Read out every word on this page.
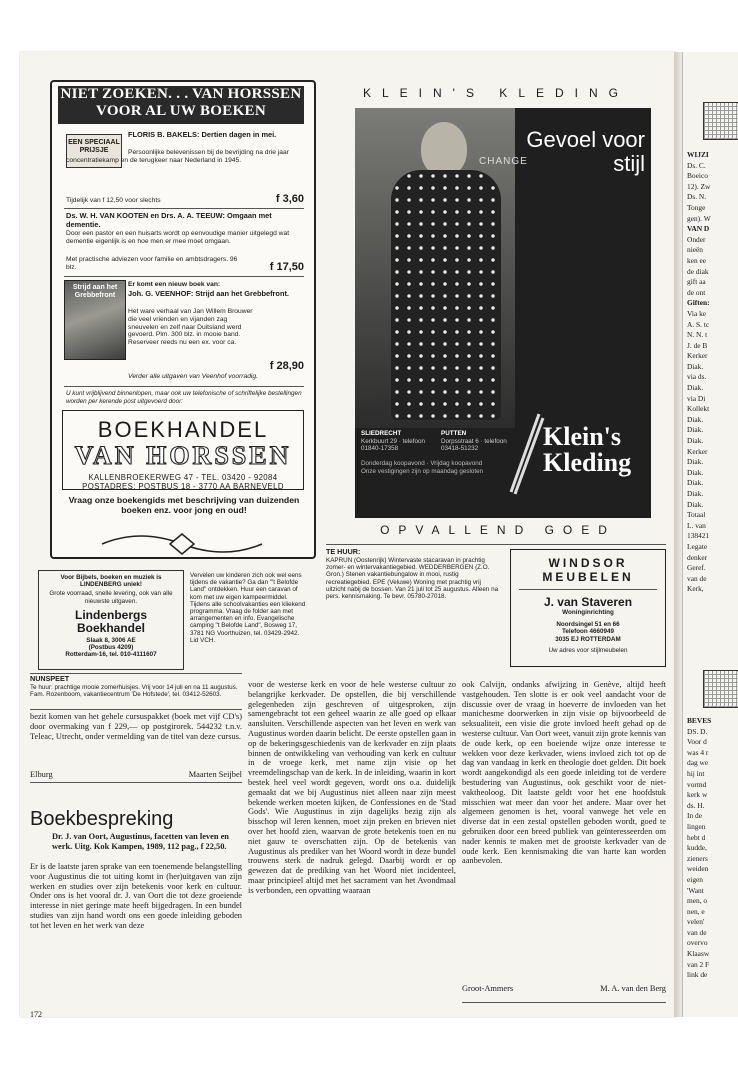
NIET ZOEKEN. . . VAN HORSSEN
VOOR AL UW BOEKEN
EEN SPECIAAL PRIJSJE
FLORIS B. BAKELS: Dertien dagen in mei.
Persoonlijke belevenissen bij de bevrijding na drie jaar concentratiekamp en de terugkeer naar Nederland in 1945.
Tijdelijk van f 12,50 voor slechts	f 3,60
Ds. W. H. VAN KOOTEN en Drs. A. A. TEEUW: Omgaan met dementie.
Door een pastor en een huisarts wordt op eenvoudige manier uitgelegd wat dementie eigenlijk is en hoe men er mee moet omgaan.
Met practische adviezen voor familie en ambtsdragers. 96 blz.	f 17,50
Strijd aan het Grebbefront
Er komt een nieuw boek van:
Joh. G. VEENHOF: Strijd aan het Grebbefront.
Het ware verhaal van Jan Willem Brouwer die veel vrienden en vijanden zag sneuvelen en zelf naar Duitsland werd gevoerd. Plm. 300 blz. in mooie band. Reserveer reeds nu een ex. voor ca.
f 28,90
Verder alle uitgaven van Veenhof voorradig.
U kunt vrijblijvend binnenlopen, maar ook uw telefonische of schriftelijke bestellingen worden per kerende post uitgevoerd door:
BOEKHANDEL
VAN HORSSEN
KALLENBROEKERWEG 47 - TEL. 03420 - 92084
POSTADRES: POSTBUS 18 - 3770 AA BARNEVELD
Vraag onze boekengids met beschrijving van duizenden boeken enz. voor jong en oud!
KLEIN'S KLEDING
CHANGE
Gevoel voor stijl
SLIEDRECHT
Kerkbuurt 29 · telefoon 01840-17358
PUTTEN
Dorpsstraat 6 · telefoon 03418-51232
Donderdag koopavond · Vrijdag koopavond
Onze vestigingen zijn op maandag gesloten
Klein's Kleding
OPVALLEND GOED
TE HUUR:
KAPRUN (Oostenrijk) Wintervaste stacaravan in prachtig zomer- en wintervakantiegebied. WEDDERBERGEN (Z.O. Gron.) Stenen vakantiebungalow in mooi, rustig recreatiegebied. EPE (Veluwe) Woning met prachtig vrij uitzicht nabij de bossen. Van 21 juli tot 25 augustus. Alleen na pers. kennismaking. Te bevr. 05780-27018.
WINDSOR
MEUBELEN
J. van Staveren
Woninginrichting
Noordsingel 51 en 66
Telefoon 4660949
3035 EJ ROTTERDAM
Uw adres voor stijlmeubelen
Voor Bijbels, boeken en muziek is LINDENBERG uniek!
Grote voorraad, snelle levering, ook van alle nieuwste uitgaven.
Lindenbergs
Boekhandel
Slaak 8, 3006 AE
(Postbus 4209)
Rotterdam-16, tel. 010-4111607
Vervelen uw kinderen zich ook wel eens tijdens de vakantie? Ga dan "'t Belofde Land" ontdekken. Huur een caravan of kom met uw eigen kampeermiddel. Tijdens alle schoolvakanties een kliekend programma. Vraag de folder aan met arrangementen en info. Evangelische camping "t Belofde Land", Bosweg 17, 3781 NG Voorthuizen, tel. 03429-2942. Lid VCH.
NUNSPEET
Te huur: prachtige mooie zomerhuisjes. Vrij voor 14 juli en na 11 augustus. Fam. Rozenboom, vakantiecentrum 'De Hofstede', tel. 03412-52603.
bezit komen van het gehele cursuspakket (boek met vijf CD's) door overmaking van f 229,— op postgirorek. 544232 t.n.v. Teleac, Utrecht, onder vermelding van de titel van deze cursus.
Elburg	Maarten Seijbel
Boekbespreking
Dr. J. van Oort, Augustinus, facetten van leven en werk. Uitg. Kok Kampen, 1989, 112 pag., f 22,50.
Er is de laatste jaren sprake van een toenemende belangstelling voor Augustinus die tot uiting komt in (her)uitgaven van zijn werken en studies over zijn betekenis voor kerk en cultuur. Onder ons is het vooral dr. J. van Oort die tot deze groeiende interesse in niet geringe mate heeft bijgedragen. In een bundel studies van zijn hand wordt ons een goede inleiding geboden tot het leven en het werk van deze
voor de westerse kerk en voor de hele westerse cultuur zo belangrijke kerkvader. De opstellen, die bij verschillende gelegenheden zijn geschreven of uitgesproken, zijn samengebracht tot een geheel waarin ze alle goed op elkaar aansluiten. Verschillende aspecten van het leven en werk van Augustinus worden daarin belicht. De eerste opstellen gaan in op de bekeringsgeschiedenis van de kerkvader en zijn plaats binnen de ontwikkeling van verhouding van kerk en cultuur in de vroege kerk, met name zijn visie op het vreemdelingschap van de kerk. In de inleiding, waarin in kort bestek heel veel wordt gegeven, wordt ons o.a. duidelijk gemaakt dat we bij Augustinus niet alleen naar zijn meest bekende werken moeten kijken, de Confessiones en de 'Stad Gods'. Wie Augustinus in zijn dagelijks bezig zijn als bisschop wil leren kennen, moet zijn preken en brieven niet over het hoofd zien, waarvan de grote betekenis toen en nu niet gauw te overschatten zijn. Op de betekenis van Augustinus als prediker van het Woord wordt in deze bundel trouwens sterk de nadruk gelegd. Daarbij wordt er op gewezen dat de prediking van het Woord niet incidenteel, maar principieel altijd met het sacrament van het Avondmaal is verbonden, een opvatting waaraan
ook Calvijn, ondanks afwijzing in Genève, altijd heeft vastgehouden. Ten slotte is er ook veel aandacht voor de discussie over de vraag in hoeverre de invloeden van het manichesme doorwerken in zijn visie op bijvoorbeeld de seksualiteit, een visie die grote invloed heeft gehad op de westerse cultuur. Van Oort weet, vanuit zijn grote kennis van de oude kerk, op een boeiende wijze onze interesse te wekken voor deze kerkvader, wiens invloed zich tot op de dag van vandaag in kerk en theologie doet gelden. Dit boek wordt aangekondigd als een goede inleiding tot de verdere bestudering van Augustinus, ook geschikt voor de niet-vaktheoloog. Dit laatste geldt voor het ene hoofdstuk misschien wat meer dan voor het andere. Maar over het algemeen genomen is het, vooral vanwege het vele en diverse dat in een zestal opstellen geboden wordt, goed te gebruiken door een breed publiek van geïnteresseerden om nader kennis te maken met de grootste kerkvader van de oude kerk. Een kennismaking die van harte kan worden aanbevolen.
Groot-Ammers	M. A. van den Berg
172
WIJZI
Ds. C.
Boeico
12). Zw
Ds. N.
Tonge
gen). W
VAN D
Onder
nieën
ken ee
de diak
gift aa
de ont
Giften:
Via ke
A. S. tc
N. N. t
J. de B
Kerker
Diak.
via ds.
Diak.
via Di
Kollekt
Diak.
Diak.
Diak.
Kerker
Diak.
Diak.
Diak.
Diak.
Diak.
Totaal
L. van
138421
Legate
denker
Geref.
van de
Kerk,
BEVES
DS. D.
Voor d
was 4 r
dag we
hij int
vormd
kerk w
ds. H.
In de
lingen
hebt d
kudde,
zieners
weiden
eigen
'Want
men, o
nen, e
velen'
van de
overvo
Klaasw
van 2 F
link de
